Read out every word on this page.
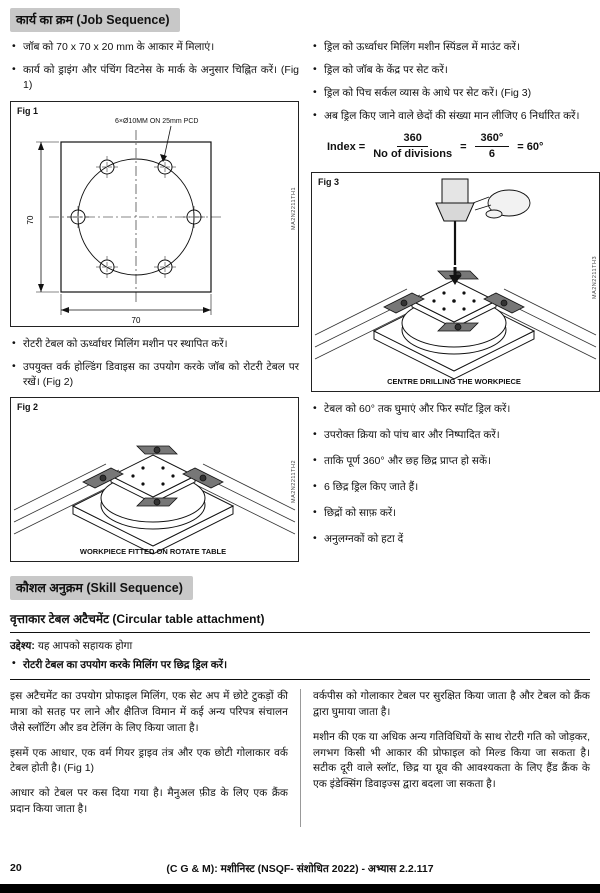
कार्य का क्रम (Job Sequence)
• जॉब को 70 x 70 x 20 mm के आकार में मिलाएं।
• कार्य को ड्राइंग और पंचिंग विटनेस के मार्क के अनुसार चिह्नित करें। (Fig 1)
Fig 1
MA2N2211TH1
6×Ø10MM ON 25mm PCD
70
70
• रोटरी टेबल को ऊर्ध्वाधर मिलिंग मशीन पर स्थापित करें।
• उपयुक्त वर्क होल्डिंग डिवाइस का उपयोग करके जॉब को रोटरी टेबल पर रखें। (Fig 2)
Fig 2
MA2N2211TH2
WORKPIECE FITTED ON ROTATE TABLE
• ड्रिल को ऊर्ध्वाधर मिलिंग मशीन स्पिंडल में माउंट करें।
• ड्रिल को जॉब के केंद्र पर सेट करें।
• ड्रिल को पिच सर्कल व्यास के आधे पर सेट करें। (Fig 3)
• अब ड्रिल किए जाने वाले छेदों की संख्या मान लीजिए 6 निर्धारित करें।
Index = $\frac{360}{\text{No of divisions}} = \frac{360^\circ}{6} = 60^\circ$
Fig 3
MA2N2211TH3
CENTRE DRILLING THE WORKPIECE
• टेबल को 60° तक घुमाएं और फिर स्पॉट ड्रिल करें।
• उपरोक्त क्रिया को पांच बार और निष्पादित करें।
• ताकि पूर्ण 360° और छह छिद्र प्राप्त हो सकें।
• 6 छिद्र ड्रिल किए जाते हैं।
• छिद्रों को साफ़ करें।
• अनुलग्नकों को हटा दें
कौशल अनुक्रम (Skill Sequence)
वृत्ताकार टेबल अटैचमेंट (Circular table attachment)
उद्देश्य: यह आपको सहायक होगा
• रोटरी टेबल का उपयोग करके मिलिंग पर छिद्र ड्रिल करें।

इस अटैचमेंट का उपयोग प्रोफाइल मिलिंग, एक सेट अप में छोटे टुकड़ों की मात्रा को सतह पर लाने और क्षैतिज विमान में कई अन्य परिपत्र संचालन जैसे स्लॉटिंग और डव टेलिंग के लिए किया जाता है।

इसमें एक आधार, एक वर्म गियर ड्राइव तंत्र और एक छोटी गोलाकार वर्क टेबल होती है। (Fig 1)

आधार को टेबल पर कस दिया गया है। मैनुअल फ़ीड के लिए एक क्रैंक प्रदान किया जाता है।

वर्कपीस को गोलाकार टेबल पर सुरक्षित किया जाता है और टेबल को क्रैंक द्वारा घुमाया जाता है।

मशीन की एक या अधिक अन्य गतिविधियों के साथ रोटरी गति को जोड़कर, लगभग किसी भी आकार की प्रोफाइल को मिल्ड किया जा सकता है। सटीक दूरी वाले स्लॉट, छिद्र या ग्रूव की आवश्यकता के लिए हैंड क्रैंक के एक इंडेक्सिंग डिवाइज्स द्वारा बदला जा सकता है।

20	(C G & M): मशीनिस्ट (NSQF- संशोधित 2022) - अभ्यास 2.2.117
